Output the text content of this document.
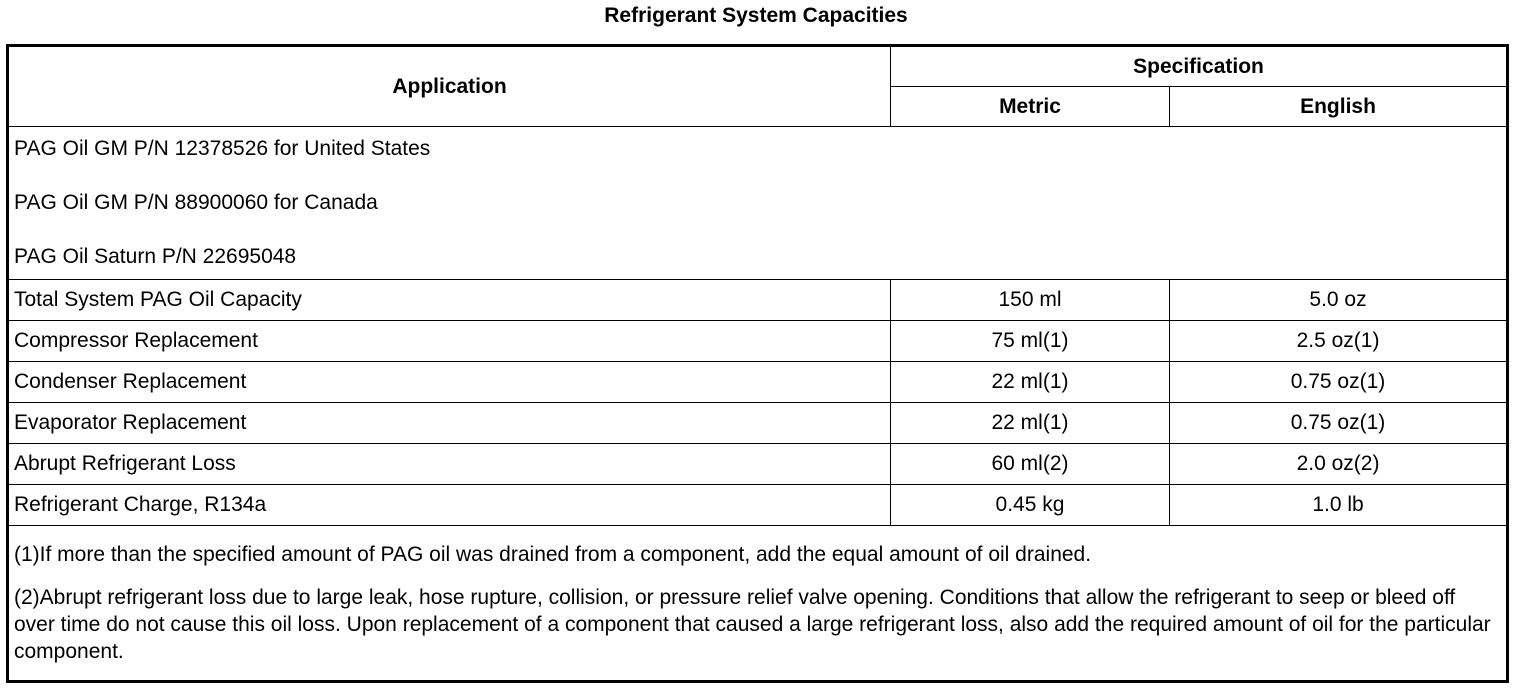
Refrigerant System Capacities
Application	Specification	
	Metric	English

PAG Oil GM P/N 12378526 for United States

PAG Oil GM P/N 88900060 for Canada

PAG Oil Saturn P/N 22695048		

Total System PAG Oil Capacity	150 ml	5.0 oz
Compressor Replacement	75 ml(1)	2.5 oz(1)
Condenser Replacement	22 ml(1)	0.75 oz(1)
Evaporator Replacement	22 ml(1)	0.75 oz(1)
Abrupt Refrigerant Loss	60 ml(2)	2.0 oz(2)
Refrigerant Charge, R134a	0.45 kg	1.0 lb

(1)If more than the specified amount of PAG oil was drained from a component, add the equal amount of oil drained.

(2)Abrupt refrigerant loss due to large leak, hose rupture, collision, or pressure relief valve opening. Conditions that allow the refrigerant to seep or bleed off over time do not cause this oil loss. Upon replacement of a component that caused a large refrigerant loss, also add the required amount of oil for the particular component.		
